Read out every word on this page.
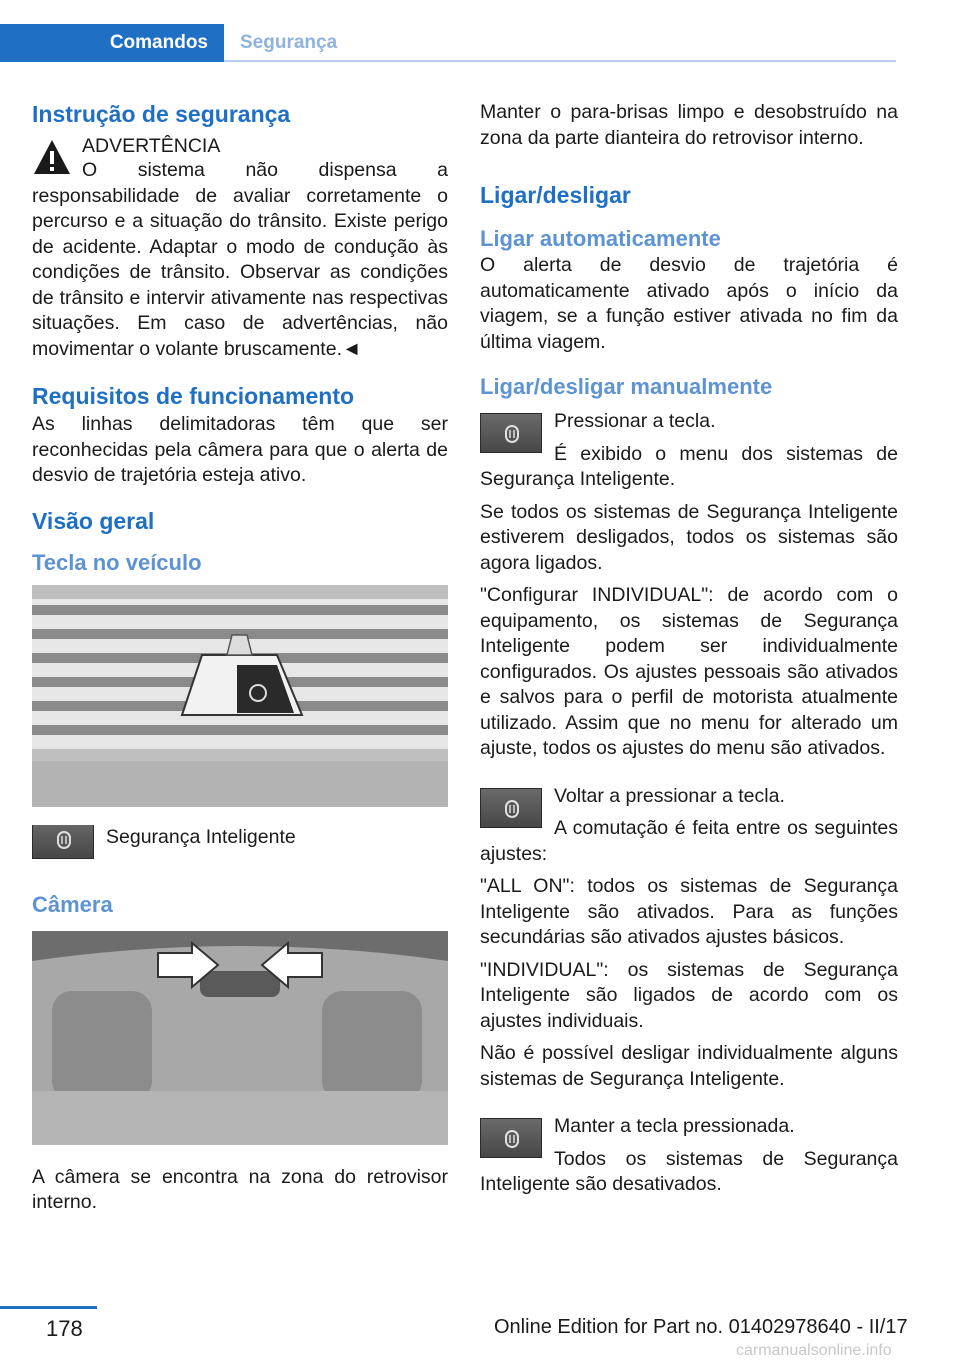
Comandos Segurança
Instrução de segurança

ADVERTÊNCIA

O sistema não dispensa a responsabilidade de avaliar corretamente o percurso e a situação do trânsito. Existe perigo de acidente. Adaptar o modo de condução às condições de trânsito. Observar as condições de trânsito e intervir ativamente nas respectivas situações. Em caso de advertências, não movimentar o volante bruscamente.◄

Requisitos de funcionamento

As linhas delimitadoras têm que ser reconhecidas pela câmera para que o alerta de desvio de trajetória esteja ativo.

Visão geral
Tecla no veículo

Segurança Inteligente

Câmera

A câmera se encontra na zona do retrovisor interno.

Manter o para-brisas limpo e desobstruído na zona da parte dianteira do retrovisor interno.

Ligar/desligar
Ligar automaticamente

O alerta de desvio de trajetória é automaticamente ativado após o início da viagem, se a função estiver ativada no fim da última viagem.

Ligar/desligar manualmente

Pressionar a tecla.

É exibido o menu dos sistemas de Segurança Inteligente.

Se todos os sistemas de Segurança Inteligente estiverem desligados, todos os sistemas são agora ligados.

"Configurar INDIVIDUAL": de acordo com o equipamento, os sistemas de Segurança Inteligente podem ser individualmente configurados. Os ajustes pessoais são ativados e salvos para o perfil de motorista atualmente utilizado. Assim que no menu for alterado um ajuste, todos os ajustes do menu são ativados.

Voltar a pressionar a tecla.

A comutação é feita entre os seguintes ajustes:

"ALL ON": todos os sistemas de Segurança Inteligente são ativados. Para as funções secundárias são ativados ajustes básicos.

"INDIVIDUAL": os sistemas de Segurança Inteligente são ligados de acordo com os ajustes individuais.

Não é possível desligar individualmente alguns sistemas de Segurança Inteligente.

Manter a tecla pressionada.

Todos os sistemas de Segurança Inteligente são desativados.

178	Online Edition for Part no. 01402978640 - II/17
carmanualsonline.info
